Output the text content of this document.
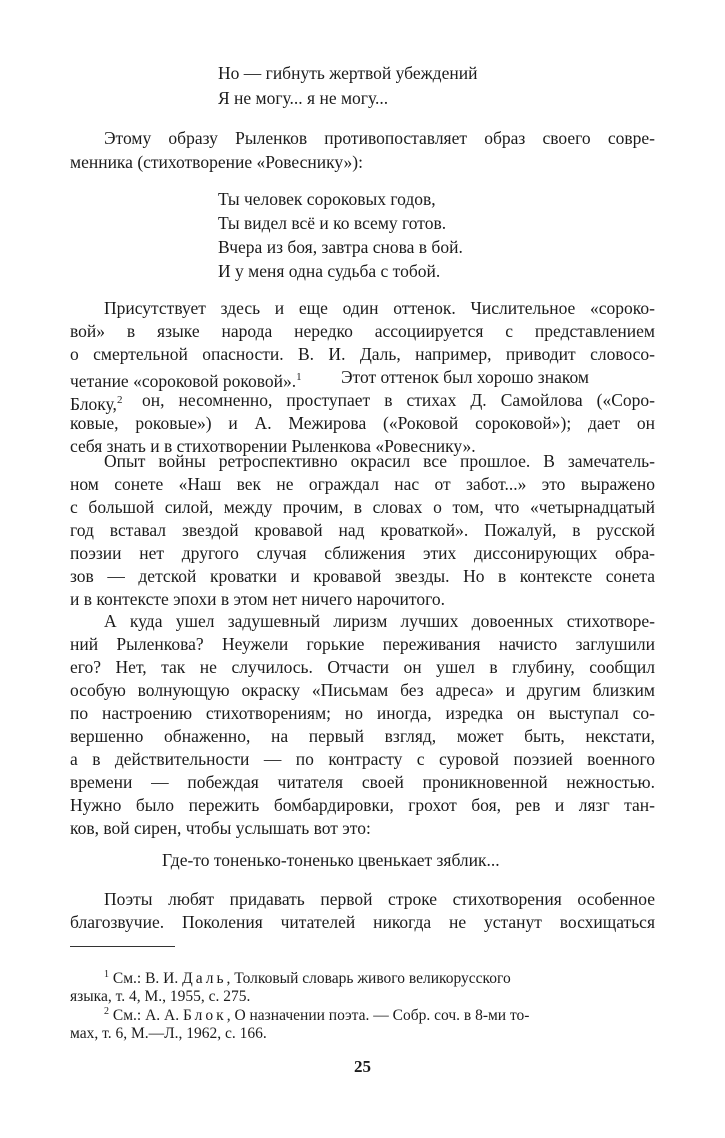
Но — гибнуть жертвой убеждений
Я не могу... я не могу...
Этому образу Рыленков противопоставляет образ своего совре-
менника (стихотворение «Ровеснику»):
Ты человек сороковых годов,
Ты видел всё и ко всему готов.
Вчера из боя, завтра снова в бой.
И у меня одна судьба с тобой.
Присутствует здесь и еще один оттенок. Числительное «сороко-
вой» в языке народа нередко ассоциируется с представлением
о смертельной опасности. В. И. Даль, например, приводит словосо-
четание «сороковой роковой».$^1$ Этот оттенок был хорошо знаком
Блоку,$^2$ он, несомненно, проступает в стихах Д. Самойлова («Соро-
ковые, роковые») и А. Межирова («Роковой сороковой»); дает он
себя знать и в стихотворении Рыленкова «Ровеснику».
Опыт войны ретроспективно окрасил все прошлое. В замечатель-
ном сонете «Наш век не ограждал нас от забот...» это выражено
с большой силой, между прочим, в словах о том, что «четырнадцатый
год вставал звездой кровавой над кроваткой». Пожалуй, в русской
поэзии нет другого случая сближения этих диссонирующих обра-
зов — детской кроватки и кровавой звезды. Но в контексте сонета
и в контексте эпохи в этом нет ничего нарочитого.
А куда ушел задушевный лиризм лучших довоенных стихотворе-
ний Рыленкова? Неужели горькие переживания начисто заглушили
его? Нет, так не случилось. Отчасти он ушел в глубину, сообщил
особую волнующую окраску «Письмам без адреса» и другим близким
по настроению стихотворениям; но иногда, изредка он выступал со-
вершенно обнаженно, на первый взгляд, может быть, некстати,
а в действительности — по контрасту с суровой поэзией военного
времени — побеждая читателя своей проникновенной нежностью.
Нужно было пережить бомбардировки, грохот боя, рев и лязг тан-
ков, вой сирен, чтобы услышать вот это:
Где-то тоненько-тоненько цвенькает зяблик...
Поэты любят придавать первой строке стихотворения особенное
благозвучие. Поколения читателей никогда не устанут восхищаться
$^1$ См.: В. И. Даль, Толковый словарь живого великорусского
языка, т. 4, М., 1955, с. 275.
$^2$ См.: А. А. Блок, О назначении поэта. — Собр. соч. в 8-ми то-
мах, т. 6, М.—Л., 1962, с. 166.
25
